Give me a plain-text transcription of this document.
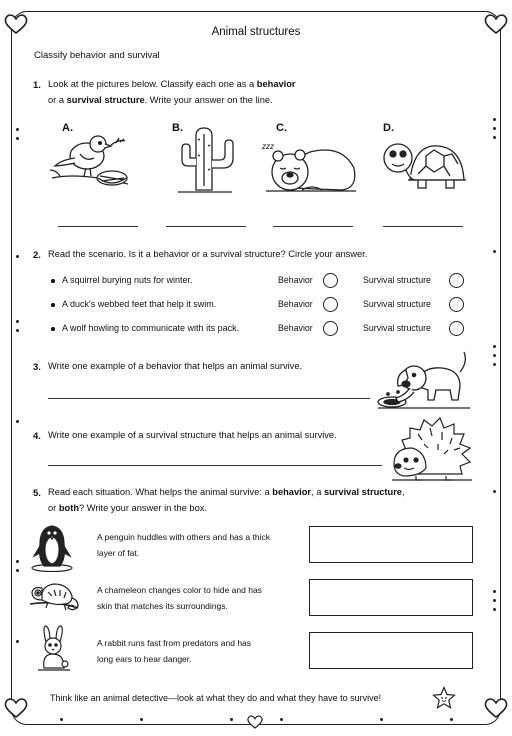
Animal structures
Classify behavior and survival
1. Look at the pictures below. Classify each one as a behavior
or a survival structure. Write your answer on the line.
A.	B.	C.	D.
zzz
2. Read the scenario. Is it a behavior or a survival structure? Circle your answer.
A squirrel burying nuts for winter.	Behavior	Survival structure
A duck's webbed feet that help it swim.	Behavior	Survival structure
A wolf howling to communicate with its pack.	Behavior	Survival structure
3. Write one example of a behavior that helps an animal survive.
4. Write one example of a survival structure that helps an animal survive.
5. Read each situation. What helps the animal survive: a behavior, a survival structure,
or both? Write your answer in the box.
A penguin huddles with others and has a thick
layer of fat.
A chameleon changes color to hide and has
skin that matches its surroundings.
A rabbit runs fast from predators and has
long ears to hear danger.
Think like an animal detective—look at what they do and what they have to survive!
